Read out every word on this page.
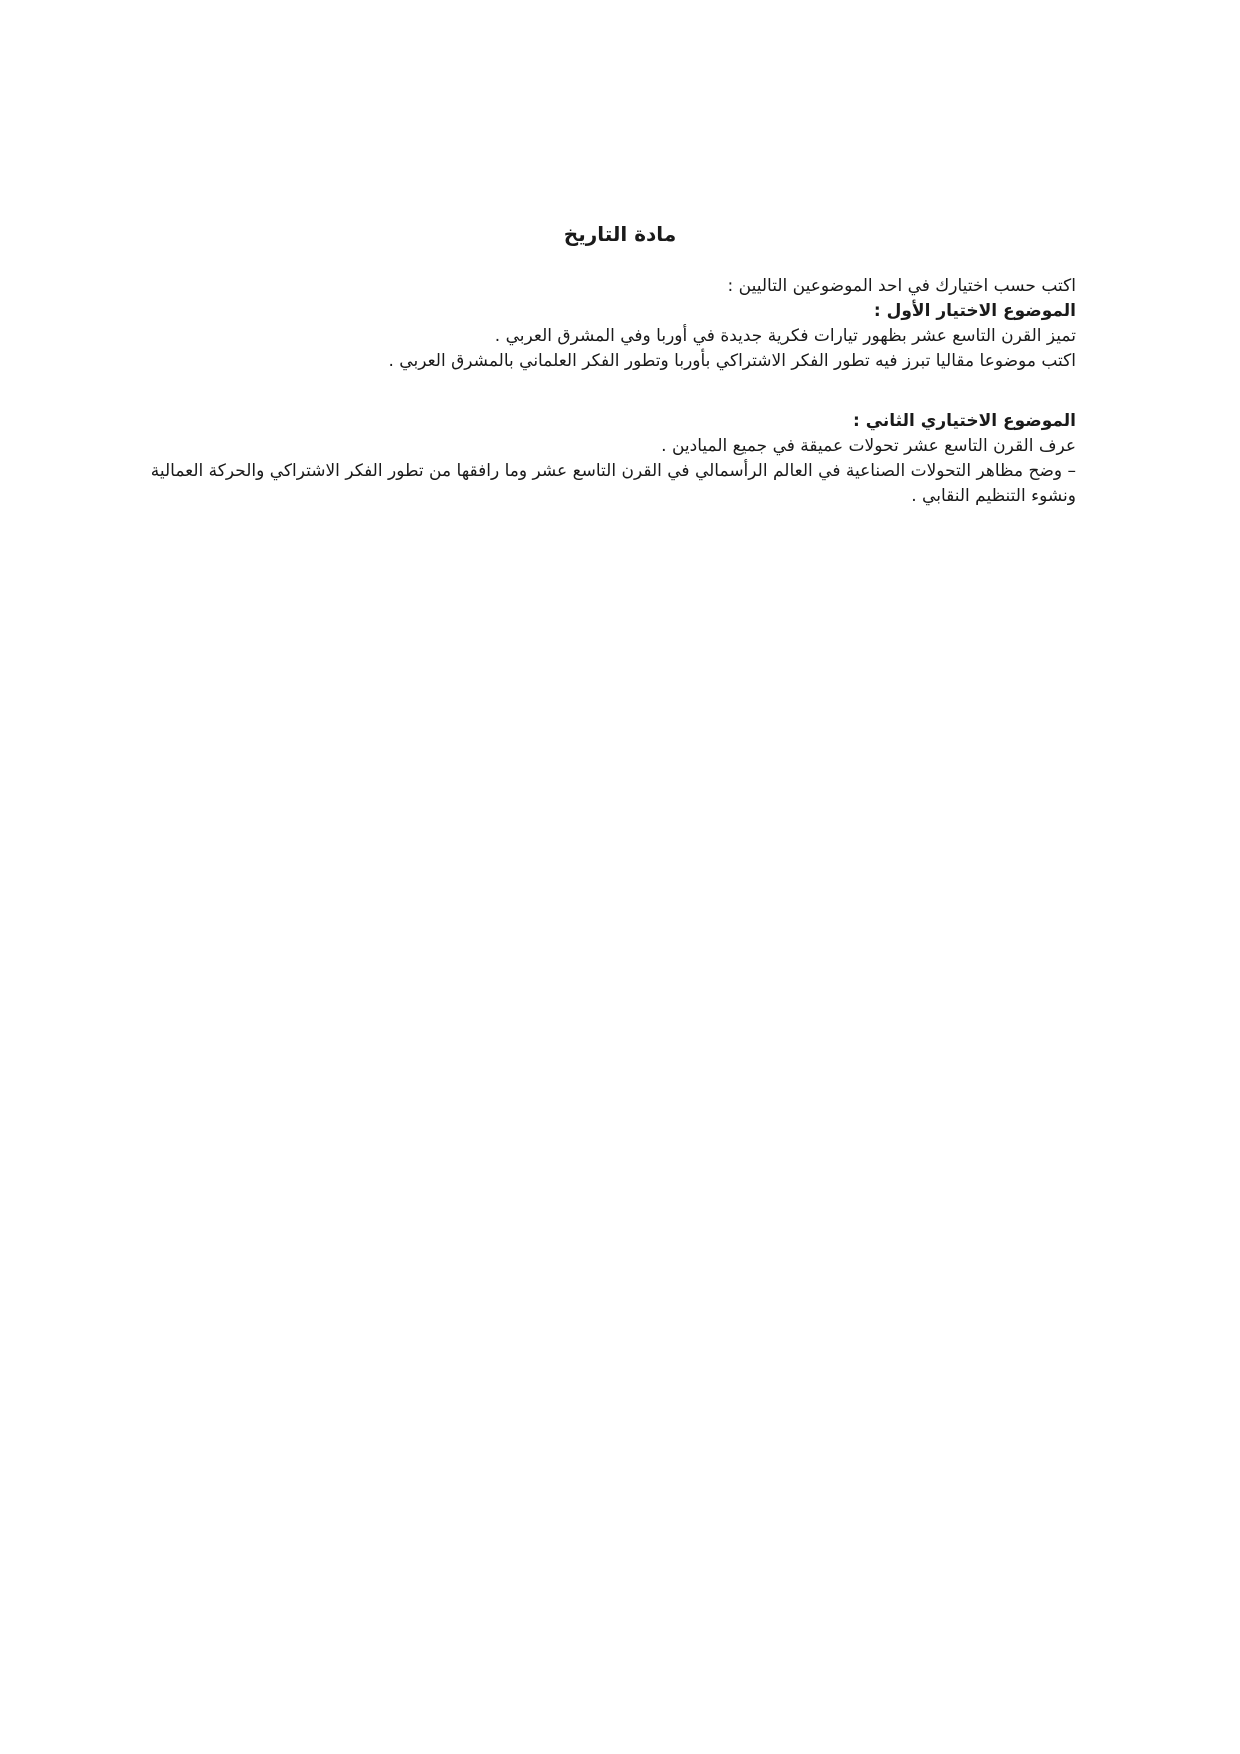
مادة التاريخ

اكتب حسب اختيارك في احد الموضوعين التاليين :

الموضوع الاختيار الأول :

تميز القرن التاسع عشر بظهور تيارات فكرية جديدة في أوربا وفي المشرق العربي .

اكتب موضوعا مقاليا تبرز فيه تطور الفكر الاشتراكي بأوربا وتطور الفكر العلماني بالمشرق العربي .

الموضوع الاختياري الثاني :

عرف القرن التاسع عشر تحولات عميقة في جميع الميادين .

– وضح مظاهر التحولات الصناعية في العالم الرأسمالي في القرن التاسع عشر وما رافقها من تطور الفكر الاشتراكي والحركة العمالية ونشوء التنظيم النقابي .
